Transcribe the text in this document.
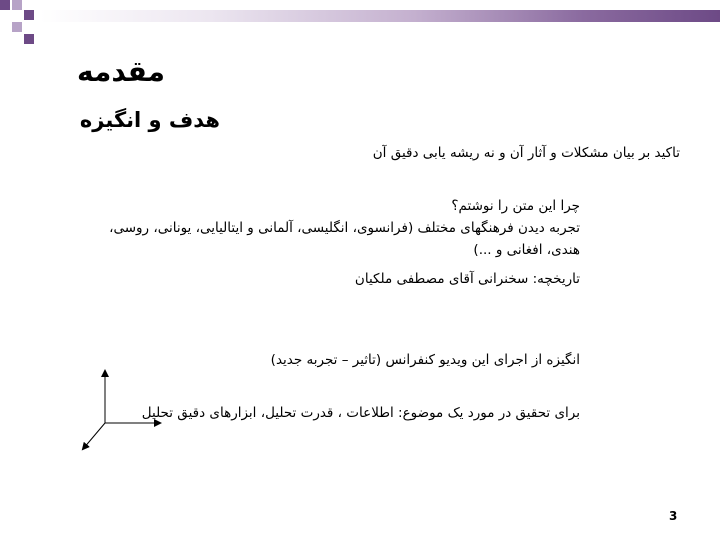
مقدمه
هدف و انگیزه
تاکید بر بیان مشکلات و آثار آن و نه ریشه یابی دقیق آن
چرا این متن را نوشتم؟
تجربه دیدن فرهنگهای مختلف (فرانسوی، انگلیسی، آلمانی و ایتالیایی، یونانی، روسی،
هندی، افغانی و ...)
تاریخچه: سخنرانی آقای مصطفی ملکیان
انگیزه از اجرای این ویدیو کنفرانس (تاثیر – تجربه جدید)
برای تحقیق در مورد یک موضوع: اطلاعات ، قدرت تحلیل، ابزارهای دقیق تحلیل
3
